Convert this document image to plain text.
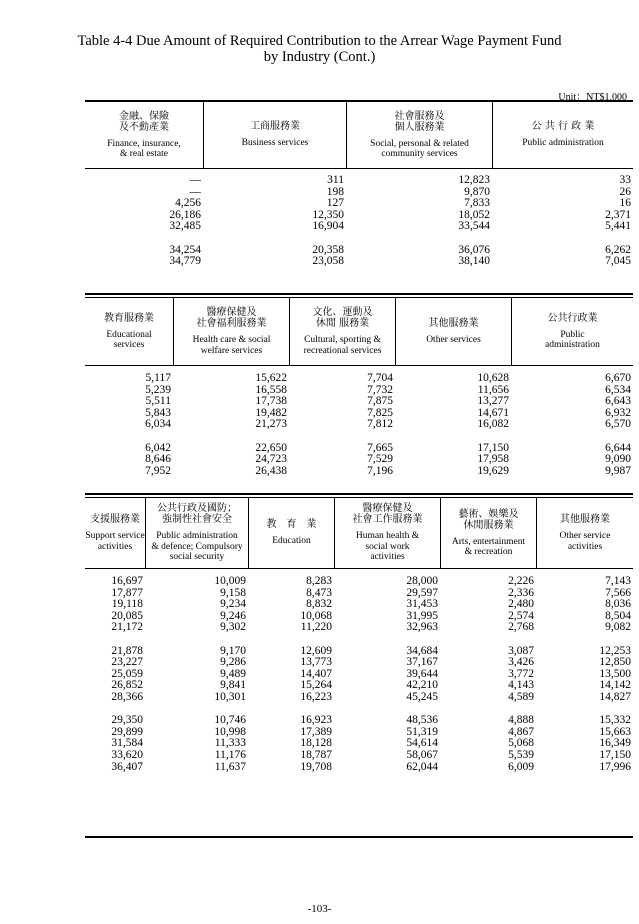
Table 4-4 Due Amount of Required Contribution to the Arrear Wage Payment Fund
by Industry (Cont.)
Unit：NT$1,000
金融、保險
及不動產業
Finance, insurance,
& real estate
工商服務業
Business services
社會服務及
個人服務業
Social, personal & related
community services
公 共 行 政 業
Public administration
—	311	12,823	33
—	198	9,870	26
4,256	127	7,833	16
26,186	12,350	18,052	2,371
32,485	16,904	33,544	5,441
34,254	20,358	36,076	6,262
34,779	23,058	38,140	7,045
教育服務業
Educational
services
醫療保健及
社會福利服務業
Health care & social
welfare services
文化、運動及
休閒 服務業
Cultural, sporting &
recreational services
其他服務業
Other services
公共行政業
Public
administration
5,117	15,622	7,704	10,628	6,670
5,239	16,558	7,732	11,656	6,534
5,511	17,738	7,875	13,277	6,643
5,843	19,482	7,825	14,671	6,932
6,034	21,273	7,812	16,082	6,570
6,042	22,650	7,665	17,150	6,644
8,646	24,723	7,529	17,958	9,090
7,952	26,438	7,196	19,629	9,987
支援服務業
Support service
activities
公共行政及國防；
強制性社會安全
Public administration
& defence; Compulsory
social security
教　育　業
Education
醫療保健及
社會工作服務業
Human health &
social work
activities
藝術、娛樂及
休閒服務業
Arts, entertainment
& recreation
其他服務業
Other service
activities
16,697	10,009	8,283	28,000	2,226	7,143
17,877	9,158	8,473	29,597	2,336	7,566
19,118	9,234	8,832	31,453	2,480	8,036
20,085	9,246	10,068	31,995	2,574	8,504
21,172	9,302	11,220	32,963	2,768	9,082
21,878	9,170	12,609	34,684	3,087	12,253
23,227	9,286	13,773	37,167	3,426	12,850
25,059	9,489	14,407	39,644	3,772	13,500
26,852	9,841	15,264	42,210	4,143	14,142
28,366	10,301	16,223	45,245	4,589	14,827
29,350	10,746	16,923	48,536	4,888	15,332
29,899	10,998	17,389	51,319	4,867	15,663
31,584	11,333	18,128	54,614	5,068	16,349
33,620	11,176	18,787	58,067	5,539	17,150
36,407	11,637	19,708	62,044	6,009	17,996
-103-
